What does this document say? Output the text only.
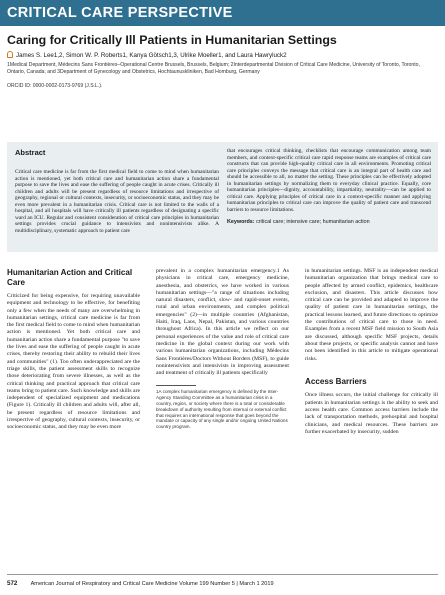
CRITICAL CARE PERSPECTIVE
Caring for Critically Ill Patients in Humanitarian Settings
James S. Lee1,2, Simon W. P. Roberts1, Kanya Götsch1,3, Ulrike Moeller1, and Laura Hawryluck2
1Medical Department, Médecins Sans Frontières–Operational Centre Brussels, Brussels, Belgium; 2Interdepartmental Division of Critical Care Medicine, University of Toronto, Toronto, Ontario, Canada; and 3Department of Gynecology and Obstetrics, Hochtaunuskliniken, Bad Homburg, Germany
ORCID ID: 0000-0002-0173-9769 (J.S.L.).
Abstract
Critical care medicine is far from the first medical field to come to mind when humanitarian action is mentioned, yet both critical care and humanitarian action share a fundamental purpose to save the lives and ease the suffering of people caught in acute crises. Critically ill children and adults will be present regardless of resource limitations and irrespective of geography, regional or cultural contexts, insecurity, or socioeconomic status, and they may be even more prevalent in a humanitarian crisis. Critical care is not limited to the walls of a hospital, and all hospitals will have critically ill patients regardless of designating a specific ward an ICU. Regular and consistent consideration of critical care principles in humanitarian settings provides crucial guidance to intensivists and nonintensivists alike. A multidisciplinary, systematic approach to patient care
that encourages critical thinking, checklists that encourage communication among team members, and context-specific critical care rapid response teams are examples of critical care constructs that can provide high-quality critical care in all environments. Promoting critical care principles conveys the message that critical care is an integral part of health care and should be accessible to all, no matter the setting. These principles can be effectively adopted in humanitarian settings by normalizing them to everyday clinical practice. Equally, core humanitarian principles—dignity, accountability, impartiality, neutrality—can be applied to critical care. Applying principles of critical care in a context-specific manner and applying humanitarian principles to critical care can improve the quality of patient care and transcend barriers to resource limitations.
Keywords: critical care; intensive care; humanitarian action
Humanitarian Action and Critical Care

Criticized for being expensive, for requiring unavailable equipment and technology to be effective, for benefiting only a few when the needs of many are overwhelming in humanitarian settings, critical care medicine is far from the first medical field to come to mind when humanitarian action is mentioned. Yet both critical care and humanitarian action share a fundamental purpose "to save the lives and ease the suffering of people caught in acute crises, thereby restoring their ability to rebuild their lives and communities" (1). Too often underappreciated are the triage skills, the patient assessment skills to recognize those deteriorating from severe illnesses, as well as the critical thinking and practical approach that critical care teams bring to patient care. Such knowledge and skills are independent of specialized equipment and medications (Figure 1). Critically ill children and adults will, after all, be present regardless of resource limitations and irrespective of geography, cultural contexts, insecurity, or socioeconomic status, and they may be even more

prevalent in a complex humanitarian emergency.1 As physicians in critical care, emergency medicine, anesthesia, and obstetrics, we have worked in various humanitarian settings—"a range of situations including natural disasters, conflict, slow- and rapid-onset events, rural and urban environments, and complex political emergencies" (2)—in multiple countries (Afghanistan, Haiti, Iraq, Laos, Nepal, Pakistan, and various countries throughout Africa). In this article we reflect on our personal experiences of the value and role of critical care medicine in the global context during our work with various humanitarian organizations, including Médecins Sans Frontières/Doctors Without Borders (MSF), to guide nonintensivists and intensivists in improving assessment and treatment of critically ill patients specifically

1A complex humanitarian emergency is defined by the Inter-Agency Standing Committee as a humanitarian crisis in a country, region, or society where there is a total or considerable breakdown of authority resulting from internal or external conflict that requires an international response that goes beyond the mandate or capacity of any single and/or ongoing United Nations country program.

in humanitarian settings. MSF is an independent medical humanitarian organization that brings medical care to people affected by armed conflict, epidemics, healthcare exclusion, and disasters. This article discusses how critical care can be provided and adapted to improve the quality of patient care in humanitarian settings, the practical lessons learned, and future directions to optimize the contributions of critical care to those in need. Examples from a recent MSF field mission to South Asia are discussed, although specific MSF projects, details about these projects, or specific analysis cannot and have not been identified in this article to mitigate operational risks.

Access Barriers

Once illness occurs, the initial challenge for critically ill patients in humanitarian settings is the ability to seek and access health care. Common access barriers include the lack of transportation methods, prehospital and hospital clinicians, and medical resources. These barriers are further exacerbated by insecurity, sudden

572 American Journal of Respiratory and Critical Care Medicine Volume 199 Number 5 | March 1 2019
